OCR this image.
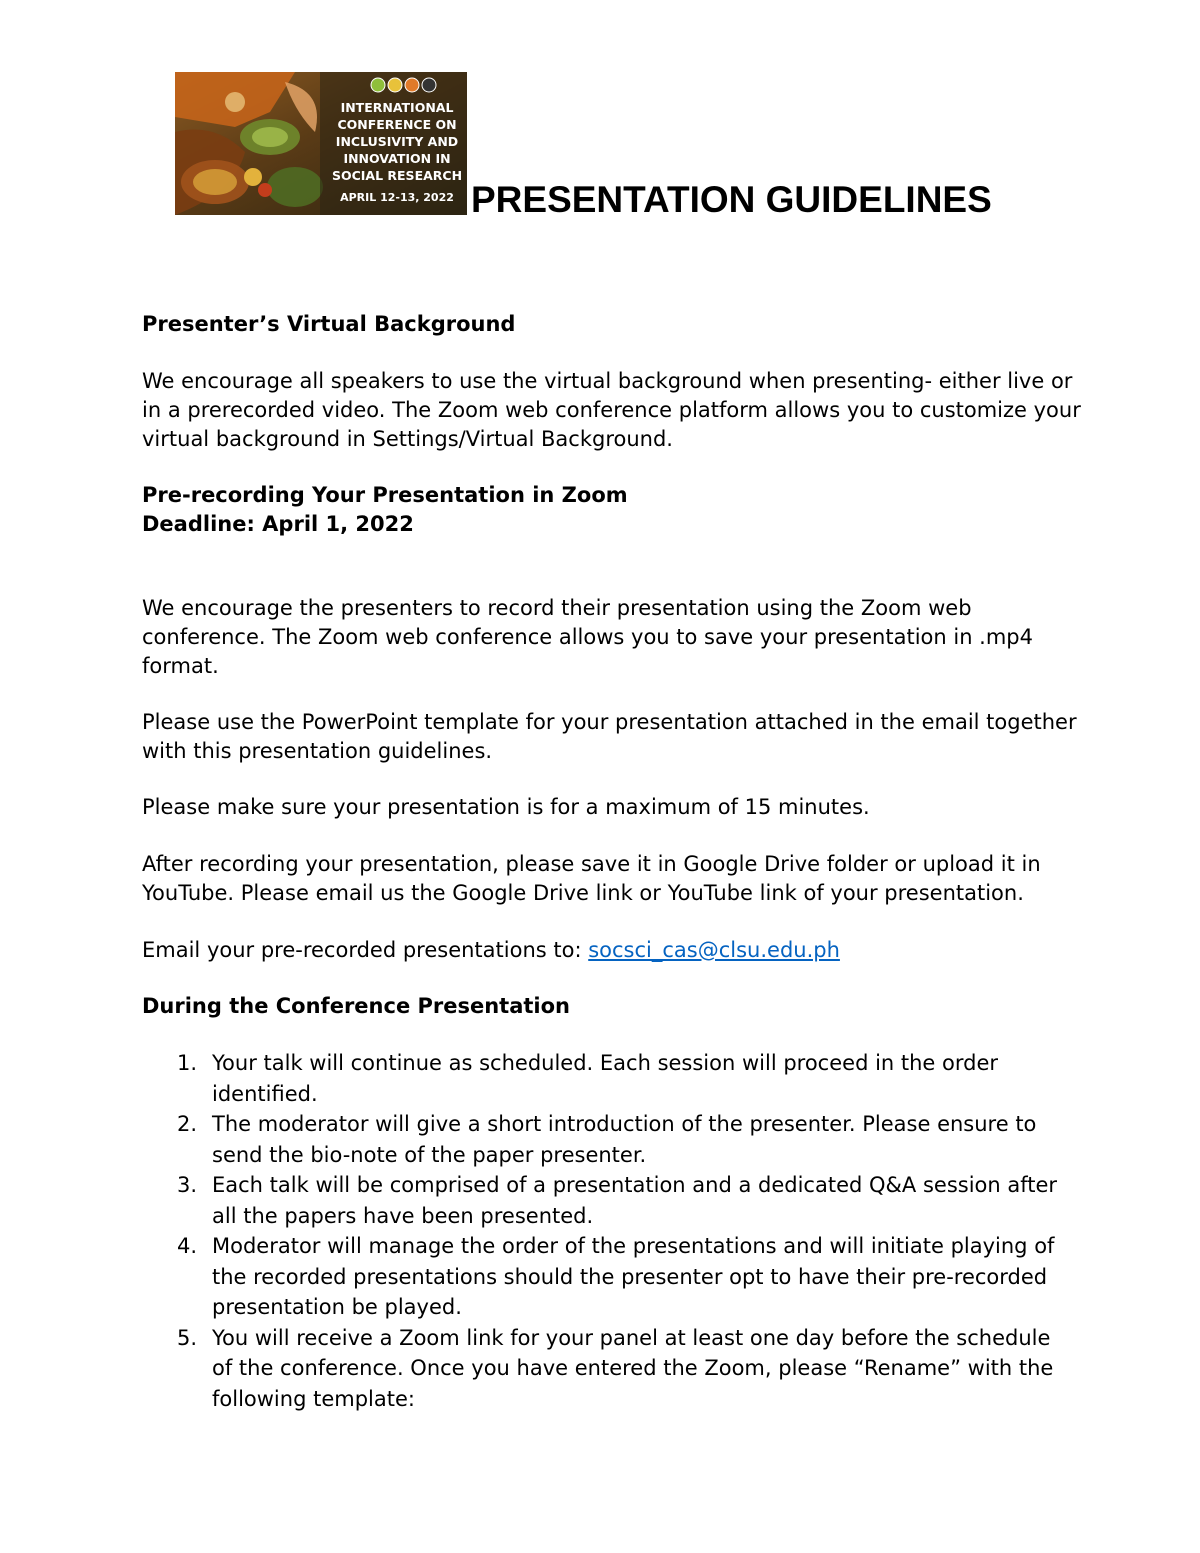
INTERNATIONAL
CONFERENCE ON
INCLUSIVITY AND
INNOVATION IN
SOCIAL RESEARCH
APRIL 12-13, 2022 PRESENTATION GUIDELINES

Presenter’s Virtual Background

We encourage all speakers to use the virtual background when presenting- either live or in a prerecorded video. The Zoom web conference platform allows you to customize your virtual background in Settings/Virtual Background.

Pre-recording Your Presentation in Zoom

Deadline: April 1, 2022

We encourage the presenters to record their presentation using the Zoom web conference. The Zoom web conference allows you to save your presentation in .mp4 format.

Please use the PowerPoint template for your presentation attached in the email together with this presentation guidelines.

Please make sure your presentation is for a maximum of 15 minutes.

After recording your presentation, please save it in Google Drive folder or upload it in YouTube. Please email us the Google Drive link or YouTube link of your presentation.

Email your pre-recorded presentations to: socsci_cas@clsu.edu.ph

During the Conference Presentation

1. Your talk will continue as scheduled. Each session will proceed in the order identified.
2. The moderator will give a short introduction of the presenter. Please ensure to send the bio-note of the paper presenter.
3. Each talk will be comprised of a presentation and a dedicated Q&A session after all the papers have been presented.
4. Moderator will manage the order of the presentations and will initiate playing of the recorded presentations should the presenter opt to have their pre-recorded presentation be played.
5. You will receive a Zoom link for your panel at least one day before the schedule of the conference. Once you have entered the Zoom, please “Rename” with the following template:
